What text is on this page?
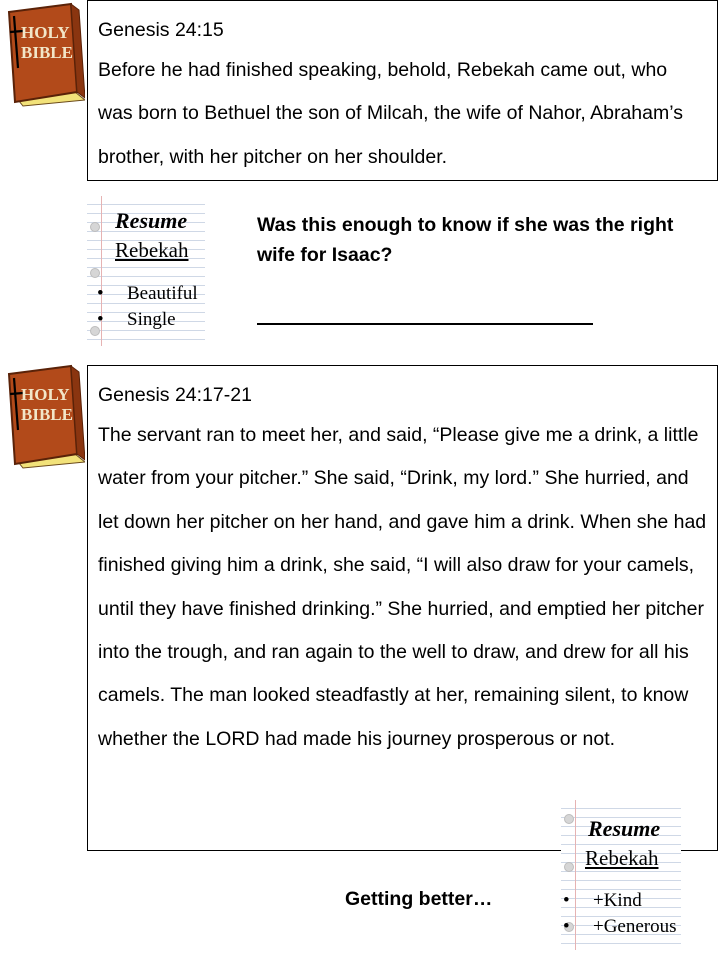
HOLY
BIBLE
Genesis 24:15
Before he had finished speaking, behold, Rebekah came out, who was born to Bethuel the son of Milcah, the wife of Nahor, Abraham’s brother, with her pitcher on her shoulder.
Resume
Rebekah
• Beautiful
• Single
Was this enough to know if she was the right wife for Isaac?
HOLY
BIBLE
Genesis 24:17-21
The servant ran to meet her, and said, “Please give me a drink, a little water from your pitcher.” She said, “Drink, my lord.” She hurried, and let down her pitcher on her hand, and gave him a drink. When she had finished giving him a drink, she said, “I will also draw for your camels, until they have finished drinking.” She hurried, and emptied her pitcher into the trough, and ran again to the well to draw, and drew for all his camels. The man looked steadfastly at her, remaining silent, to know whether the LORD had made his journey prosperous or not.
Getting better…
Resume
Rebekah
• +Kind
• +Generous
